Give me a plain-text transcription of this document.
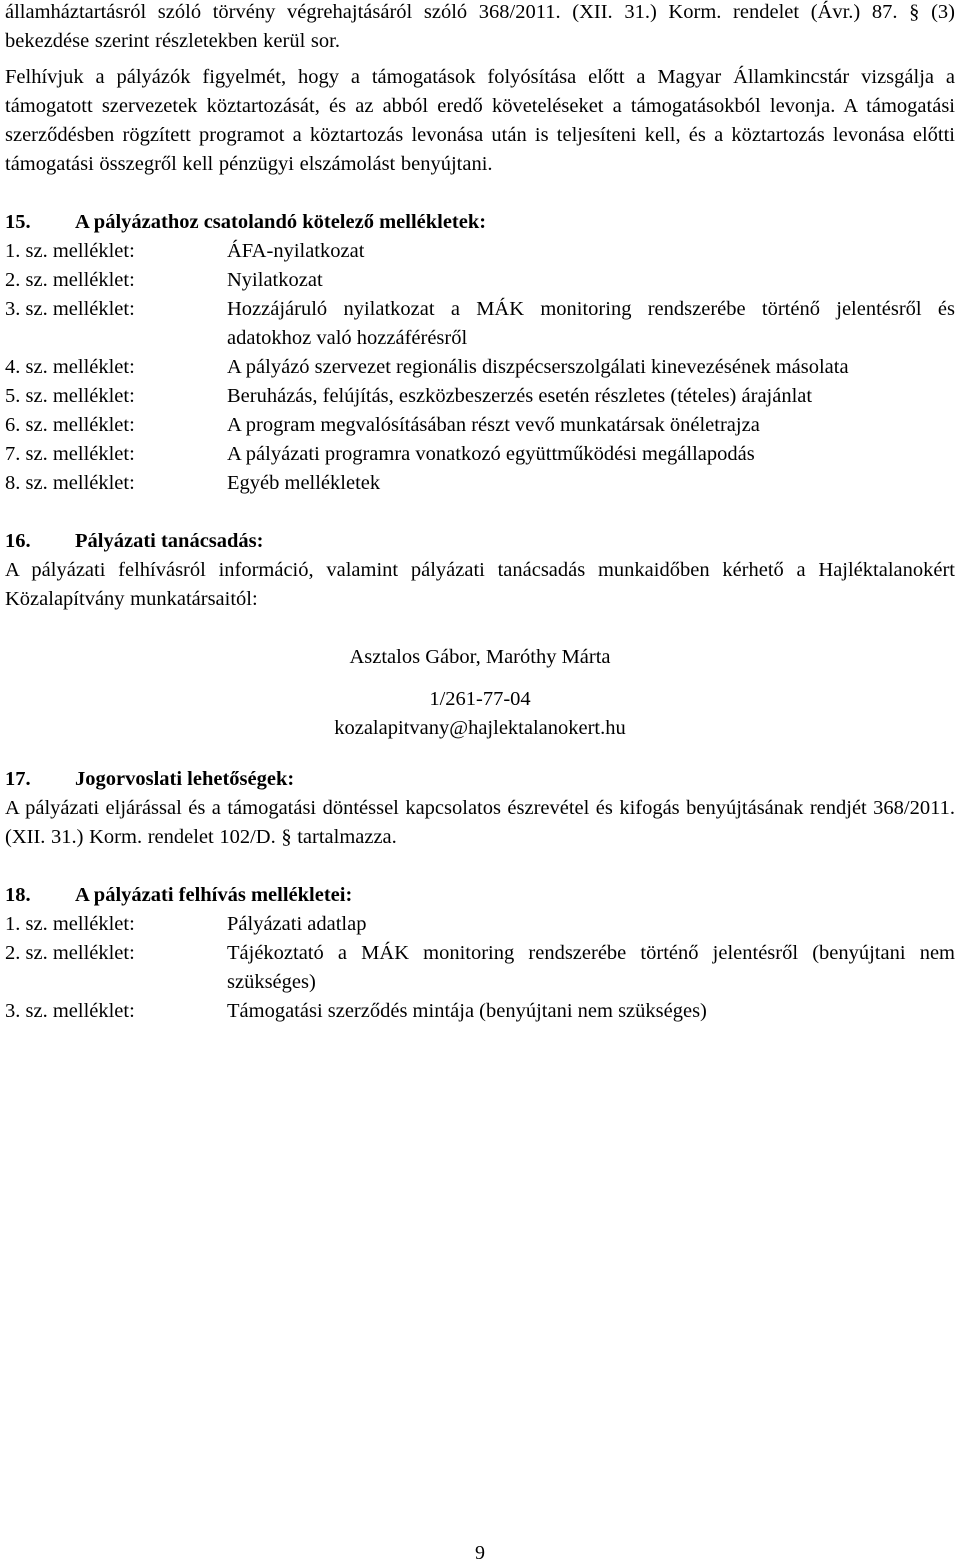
államháztartásról szóló törvény végrehajtásáról szóló 368/2011. (XII. 31.) Korm. rendelet (Ávr.) 87. § (3) bekezdése szerint részletekben kerül sor.

Felhívjuk a pályázók figyelmét, hogy a támogatások folyósítása előtt a Magyar Államkincstár vizsgálja a támogatott szervezetek köztartozását, és az abból eredő követeléseket a támogatásokból levonja. A támogatási szerződésben rögzített programot a köztartozás levonása után is teljesíteni kell, és a köztartozás levonása előtti támogatási összegről kell pénzügyi elszámolást benyújtani.

15.	A pályázathoz csatolandó kötelező mellékletek:
1. sz. melléklet:	ÁFA-nyilatkozat
2. sz. melléklet:	Nyilatkozat
3. sz. melléklet:	Hozzájáruló nyilatkozat a MÁK monitoring rendszerébe történő jelentésről és adatokhoz való hozzáférésről
4. sz. melléklet:	A pályázó szervezet regionális diszpécserszolgálati kinevezésének másolata
5. sz. melléklet:	Beruházás, felújítás, eszközbeszerzés esetén részletes (tételes) árajánlat
6. sz. melléklet:	A program megvalósításában részt vevő munkatársak önéletrajza
7. sz. melléklet:	A pályázati programra vonatkozó együttműködési megállapodás
8. sz. melléklet:	Egyéb mellékletek
16.	Pályázati tanácsadás:

A pályázati felhívásról információ, valamint pályázati tanácsadás munkaidőben kérhető a Hajléktalanokért Közalapítvány munkatársaitól:

Asztalos Gábor, Maróthy Márta

1/261-77-04

kozalapitvany@hajlektalanokert.hu

17.	Jogorvoslati lehetőségek:

A pályázati eljárással és a támogatási döntéssel kapcsolatos észrevétel és kifogás benyújtásának rendjét 368/2011. (XII. 31.) Korm. rendelet 102/D. § tartalmazza.

18.	A pályázati felhívás mellékletei:
1. sz. melléklet:	Pályázati adatlap
2. sz. melléklet:	Tájékoztató a MÁK monitoring rendszerébe történő jelentésről (benyújtani nem szükséges)
3. sz. melléklet:	Támogatási szerződés mintája (benyújtani nem szükséges)
9
